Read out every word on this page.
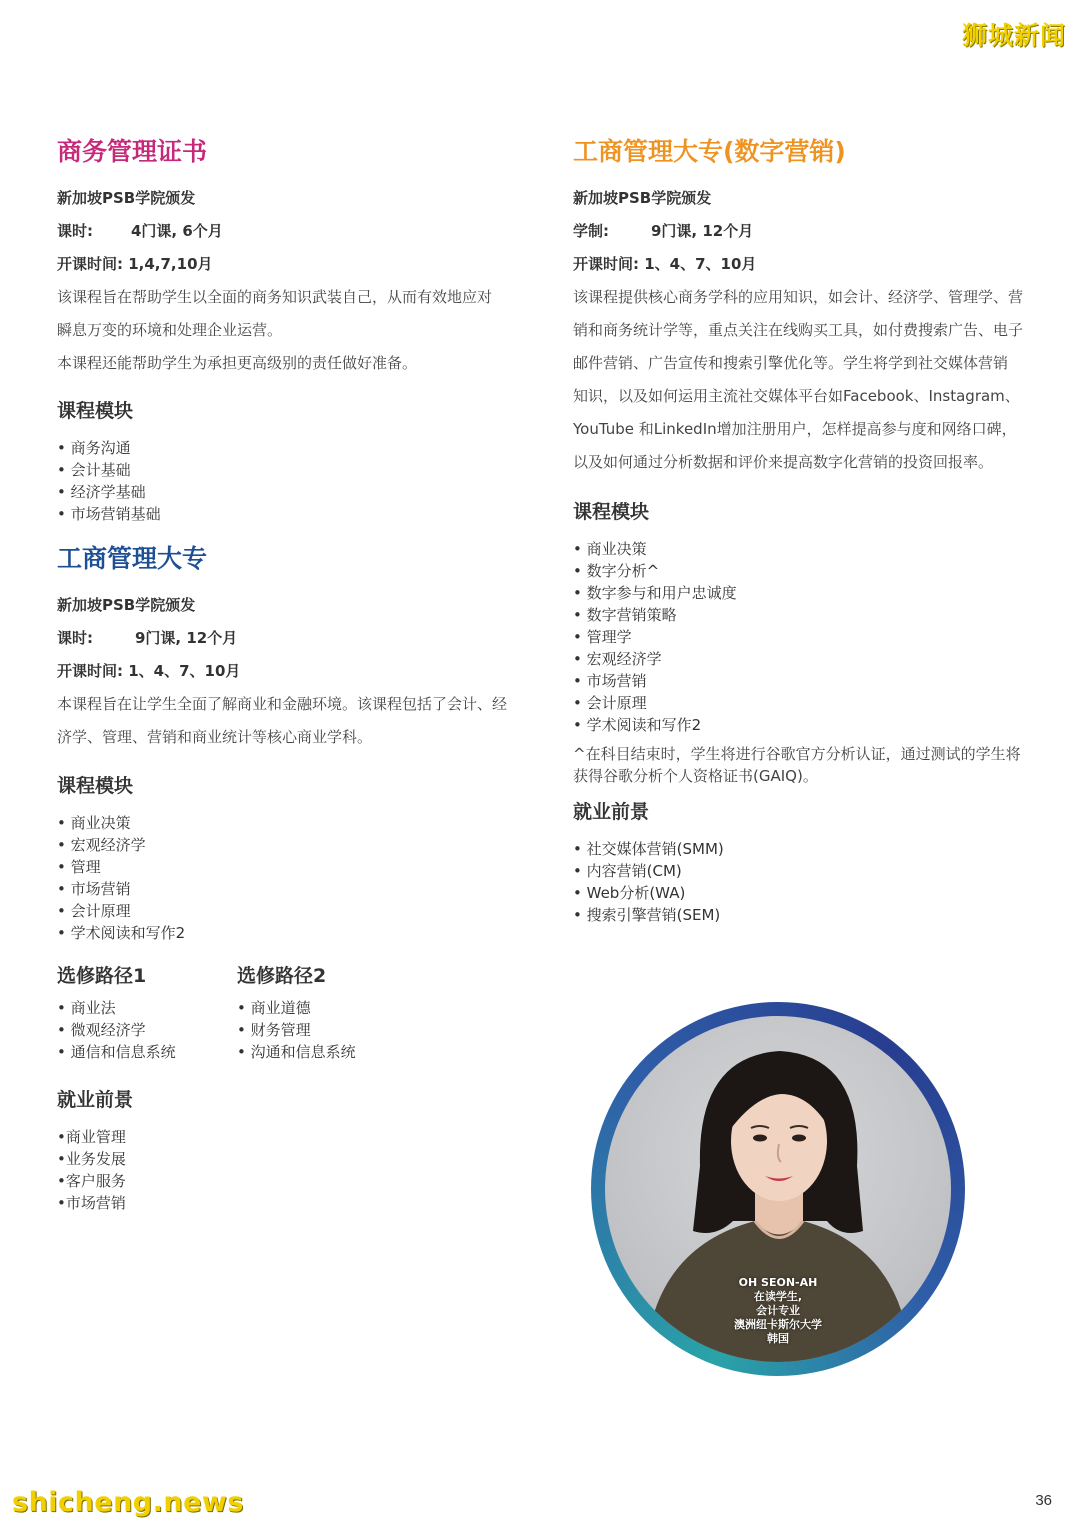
狮城新闻
商务管理证书
新加坡PSB学院颁发
课时:	4门课, 6个月
开课时间: 1,4,7,10月

该课程旨在帮助学生以全面的商务知识武装自己，从而有效地应对

瞬息万变的环境和处理企业运营。

本课程还能帮助学生为承担更高级别的责任做好准备。

课程模块
• 商务沟通
• 会计基础
• 经济学基础
• 市场营销基础
工商管理大专
新加坡PSB学院颁发
课时:	9门课, 12个月
开课时间: 1、4、7、10月

本课程旨在让学生全面了解商业和金融环境。该课程包括了会计、经

济学、管理、营销和商业统计等核心商业学科。

课程模块
• 商业决策
• 宏观经济学
• 管理
• 市场营销
• 会计原理
• 学术阅读和写作2
选修路径1
• 商业法
• 微观经济学
• 通信和信息系统
选修路径2
• 商业道德
• 财务管理
• 沟通和信息系统
就业前景
• 商业管理
• 业务发展
• 客户服务
• 市场营销
工商管理大专(数字营销)
新加坡PSB学院颁发
学制:	9门课, 12个月
开课时间: 1、4、7、10月

该课程提供核心商务学科的应用知识，如会计、经济学、管理学、营

销和商务统计学等，重点关注在线购买工具，如付费搜索广告、电子

邮件营销、广告宣传和搜索引擎优化等。学生将学到社交媒体营销

知识，以及如何运用主流社交媒体平台如Facebook、Instagram、

YouTube 和LinkedIn增加注册用户，怎样提高参与度和网络口碑，

以及如何通过分析数据和评价来提高数字化营销的投资回报率。

课程模块
• 商业决策
• 数字分析^
• 数字参与和用户忠诚度
• 数字营销策略
• 管理学
• 宏观经济学
• 市场营销
• 会计原理
• 学术阅读和写作2

^在科目结束时，学生将进行谷歌官方分析认证，通过测试的学生将

获得谷歌分析个人资格证书(GAIQ)。

就业前景
• 社交媒体营销(SMM)
• 内容营销(CM)
• Web分析(WA)
• 搜索引擎营销(SEM)
OH SEON-AH
在读学生,
会计专业
澳洲纽卡斯尔大学
韩国
shicheng.news	36
